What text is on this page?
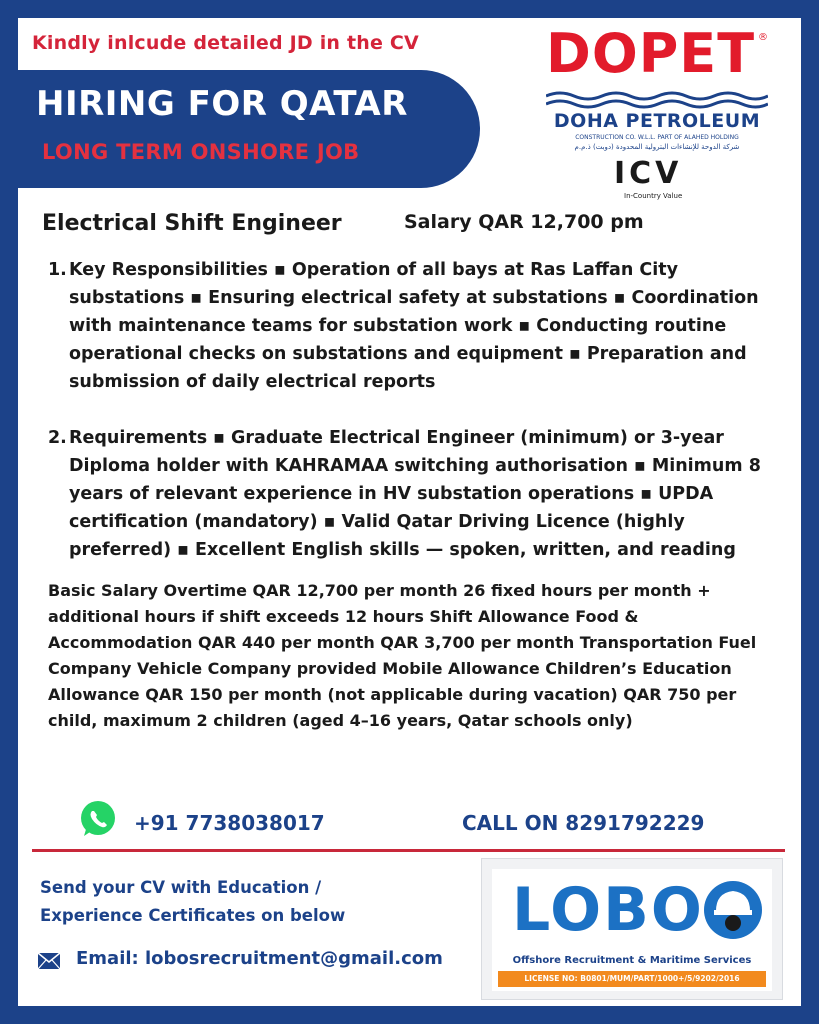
Kindly inlcude detailed JD in the CV
HIRING FOR QATAR
LONG TERM ONSHORE JOB
DOPET ®
DOHA PETROLEUM
CONSTRUCTION CO. W.L.L. PART OF ALAHED HOLDING
شركة الدوحة للإنشاءات البترولية المحدودة (دوبت) ذ.م.م
ICV
In-Country Value
Electrical Shift Engineer	Salary QAR 12,700 pm
1. Key Responsibilities ▪ Operation of all bays at Ras Laffan City substations ▪ Ensuring electrical safety at substations ▪ Coordination with maintenance teams for substation work ▪ Conducting routine operational checks on substations and equipment ▪ Preparation and submission of daily electrical reports
2. Requirements ▪ Graduate Electrical Engineer (minimum) or 3-year Diploma holder with KAHRAMAA switching authorisation ▪ Minimum 8 years of relevant experience in HV substation operations ▪ UPDA certification (mandatory) ▪ Valid Qatar Driving Licence (highly preferred) ▪ Excellent English skills — spoken, written, and reading
Basic Salary Overtime QAR 12,700 per month 26 fixed hours per month + additional hours if shift exceeds 12 hours Shift Allowance Food & Accommodation QAR 440 per month QAR 3,700 per month Transportation Fuel Company Vehicle Company provided Mobile Allowance Children’s Education Allowance QAR 150 per month (not applicable during vacation) QAR 750 per child, maximum 2 children (aged 4–16 years, Qatar schools only)
+91 7738038017	CALL ON 8291792229
Send your CV with Education /
Experience Certificates on below
Email: lobosrecruitment@gmail.com
LOBO
Offshore Recruitment & Maritime Services
LICENSE NO: B0801/MUM/PART/1000+/5/9202/2016
